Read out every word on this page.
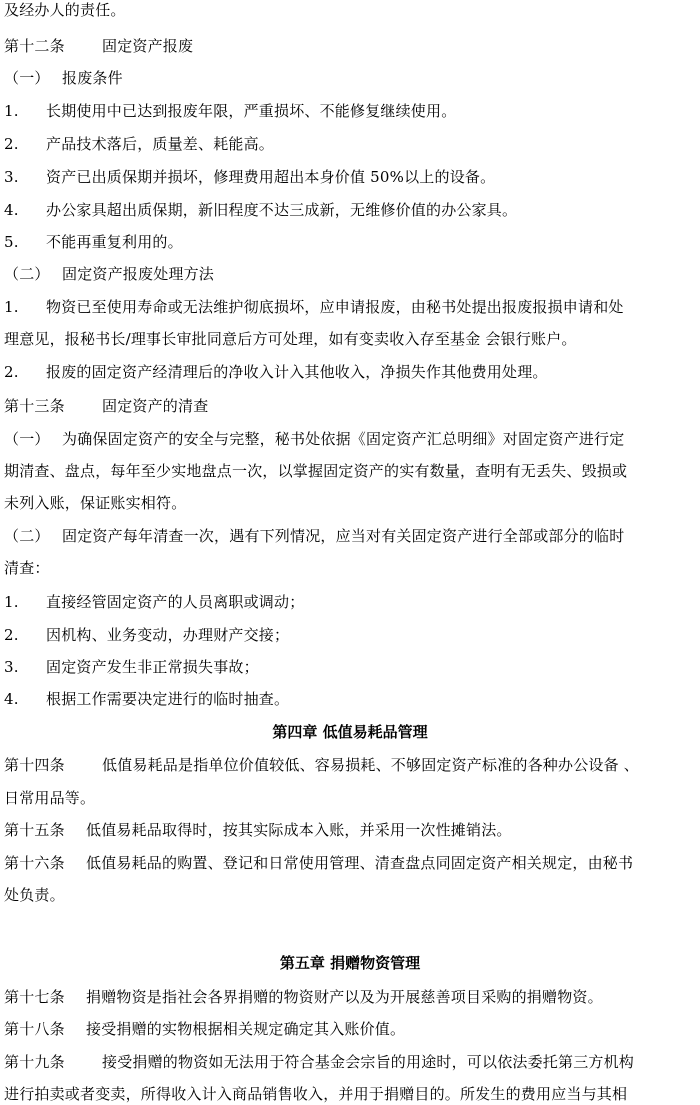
及经办人的责任。
第十二条 固定资产报废
（一） 报废条件
1. 长期使用中已达到报废年限，严重损坏、不能修复继续使用。
2. 产品技术落后，质量差、耗能高。
3. 资产已出质保期并损坏，修理费用超出本身价值 50%以上的设备。
4. 办公家具超出质保期，新旧程度不达三成新，无维修价值的办公家具。
5. 不能再重复利用的。
（二） 固定资产报废处理方法
1. 物资已至使用寿命或无法维护彻底损坏，应申请报废，由秘书处提出报废报损申请和处
理意见，报秘书长/理事长审批同意后方可处理，如有变卖收入存至基金 会银行账户。
2. 报废的固定资产经清理后的净收入计入其他收入，净损失作其他费用处理。
第十三条 固定资产的清查
（一） 为确保固定资产的安全与完整，秘书处依据《固定资产汇总明细》对固定资产进行定
期清查、盘点，每年至少实地盘点一次，以掌握固定资产的实有数量，查明有无丢失、毁损或
未列入账，保证账实相符。
（二） 固定资产每年清查一次，遇有下列情况，应当对有关固定资产进行全部或部分的临时
清查：
1. 直接经管固定资产的人员离职或调动；
2. 因机构、业务变动，办理财产交接；
3. 固定资产发生非正常损失事故；
4. 根据工作需要决定进行的临时抽查。
第四章 低值易耗品管理
第十四条 低值易耗品是指单位价值较低、容易损耗、不够固定资产标准的各种办公设备 、
日常用品等。
第十五条 低值易耗品取得时，按其实际成本入账，并采用一次性摊销法。
第十六条 低值易耗品的购置、登记和日常使用管理、清查盘点同固定资产相关规定，由秘书
处负责。
第五章 捐赠物资管理
第十七条 捐赠物资是指社会各界捐赠的物资财产以及为开展慈善项目采购的捐赠物资。
第十八条 接受捐赠的实物根据相关规定确定其入账价值。
第十九条 接受捐赠的物资如无法用于符合基金会宗旨的用途时，可以依法委托第三方机构
进行拍卖或者变卖，所得收入计入商品销售收入，并用于捐赠目的。所发生的费用应当与其相
